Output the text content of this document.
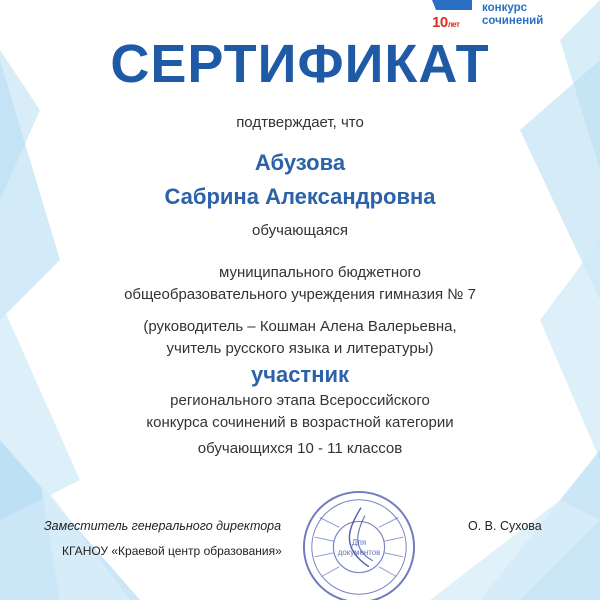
10лет
конкурс
сочинений
СЕРТИФИКАТ
подтверждает, что
Абузова
Сабрина Александровна
обучающаяся
муниципального бюджетного
общеобразовательного учреждения гимназия № 7
(руководитель – Кошман Алена Валерьевна,
учитель русского языка и литературы)
участник
регионального этапа Всероссийского
конкурса сочинений в возрастной категории
обучающихся 10 - 11 классов
Заместитель генерального директора
КГАНОУ «Краевой центр образования»
О. В. Сухова
Для
документов
